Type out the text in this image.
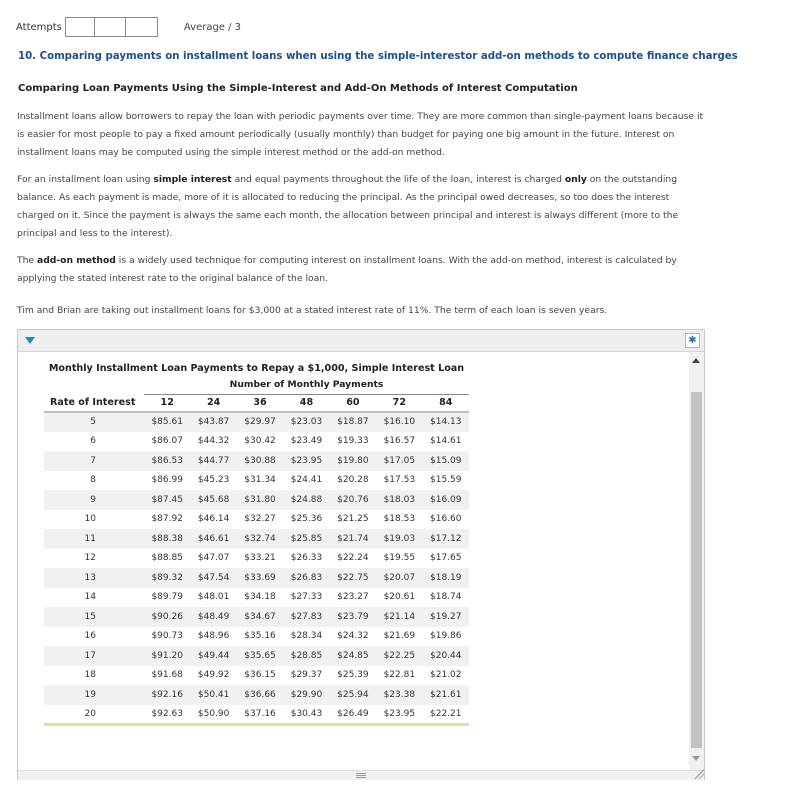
Attempts	Average / 3
10. Comparing payments on installment loans when using the simple-interestor add-on methods to compute finance charges
Comparing Loan Payments Using the Simple-Interest and Add-On Methods of Interest Computation

Installment loans allow borrowers to repay the loan with periodic payments over time. They are more common than single-payment loans because it is easier for most people to pay a fixed amount periodically (usually monthly) than budget for paying one big amount in the future. Interest on installment loans may be computed using the simple interest method or the add-on method.

For an installment loan using simple interest and equal payments throughout the life of the loan, interest is charged only on the outstanding balance. As each payment is made, more of it is allocated to reducing the principal. As the principal owed decreases, so too does the interest charged on it. Since the payment is always the same each month, the allocation between principal and interest is always different (more to the principal and less to the interest).

The add-on method is a widely used technique for computing interest on installment loans. With the add-on method, interest is calculated by applying the stated interest rate to the original balance of the loan.

Tim and Brian are taking out installment loans for $3,000 at a stated interest rate of 11%. The term of each loan is seven years.

✱
Monthly Installment Loan Payments to Repay a $1,000, Simple Interest Loan
	Number of Monthly Payments						
Rate of Interest	12	24	36	48	60	72	84
5	$85.61	$43.87	$29.97	$23.03	$18.87	$16.10	$14.13
6	$86.07	$44.32	$30.42	$23.49	$19.33	$16.57	$14.61
7	$86.53	$44.77	$30.88	$23.95	$19.80	$17.05	$15.09
8	$86.99	$45.23	$31.34	$24.41	$20.28	$17.53	$15.59
9	$87.45	$45.68	$31.80	$24.88	$20.76	$18.03	$16.09
10	$87.92	$46.14	$32.27	$25.36	$21.25	$18.53	$16.60
11	$88.38	$46.61	$32.74	$25.85	$21.74	$19.03	$17.12
12	$88.85	$47.07	$33.21	$26.33	$22.24	$19.55	$17.65
13	$89.32	$47.54	$33.69	$26.83	$22.75	$20.07	$18.19
14	$89.79	$48.01	$34.18	$27.33	$23.27	$20.61	$18.74
15	$90.26	$48.49	$34.67	$27.83	$23.79	$21.14	$19.27
16	$90.73	$48.96	$35.16	$28.34	$24.32	$21.69	$19.86
17	$91.20	$49.44	$35.65	$28.85	$24.85	$22.25	$20.44
18	$91.68	$49.92	$36.15	$29.37	$25.39	$22.81	$21.02
19	$92.16	$50.41	$36.66	$29.90	$25.94	$23.38	$21.61
20	$92.63	$50.90	$37.16	$30.43	$26.49	$23.95	$22.21
